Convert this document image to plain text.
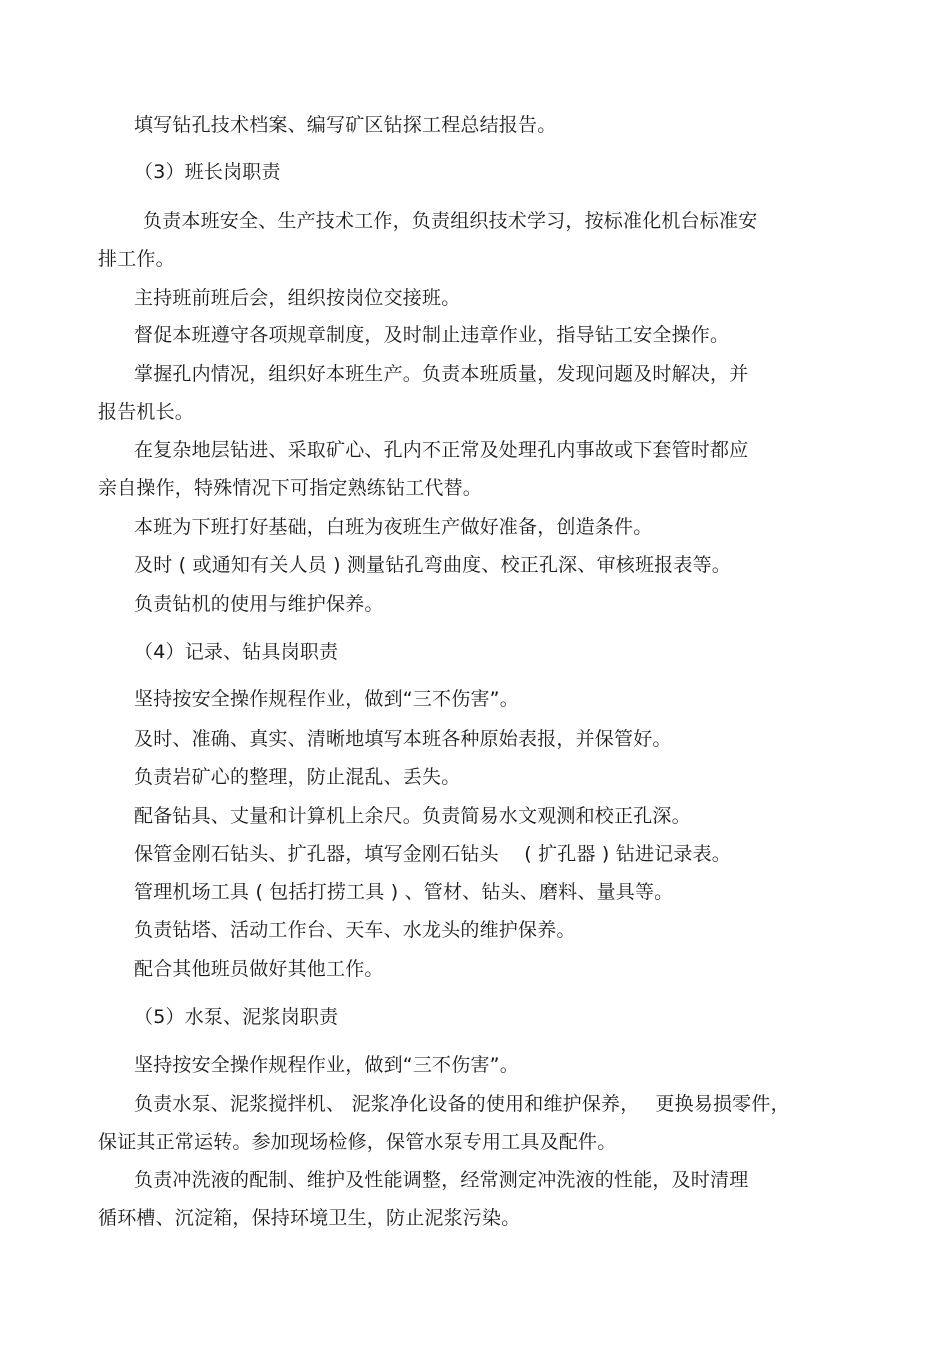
填写钻孔技术档案、编写矿区钻探工程总结报告。
（3）班长岗职责
负责本班安全、生产技术工作，负责组织技术学习，按标准化机台标准安
排工作。
主持班前班后会，组织按岗位交接班。
督促本班遵守各项规章制度，及时制止违章作业，指导钻工安全操作。
掌握孔内情况，组织好本班生产。负责本班质量，发现问题及时解决，并
报告机长。
在复杂地层钻进、采取矿心、孔内不正常及处理孔内事故或下套管时都应
亲自操作，特殊情况下可指定熟练钻工代替。
本班为下班打好基础，白班为夜班生产做好准备，创造条件。
及时 ( 或通知有关人员 ) 测量钻孔弯曲度、校正孔深、审核班报表等。
负责钻机的使用与维护保养。
（4）记录、钻具岗职责
坚持按安全操作规程作业，做到“三不伤害”。
及时、准确、真实、清晰地填写本班各种原始表报，并保管好。
负责岩矿心的整理，防止混乱、丢失。
配备钻具、丈量和计算机上余尺。负责简易水文观测和校正孔深。
保管金刚石钻头、扩孔器，填写金刚石钻头　 ( 扩孔器 ) 钻进记录表。
管理机场工具 ( 包括打捞工具 ) 、管材、钻头、磨料、量具等。
负责钻塔、活动工作台、天车、水龙头的维护保养。
配合其他班员做好其他工作。
（5）水泵、泥浆岗职责
坚持按安全操作规程作业，做到“三不伤害”。
负责水泵、泥浆搅拌机、 泥浆净化设备的使用和维护保养，　 更换易损零件，
保证其正常运转。参加现场检修，保管水泵专用工具及配件。
负责冲洗液的配制、维护及性能调整，经常测定冲洗液的性能，及时清理
循环槽、沉淀箱，保持环境卫生，防止泥浆污染。
